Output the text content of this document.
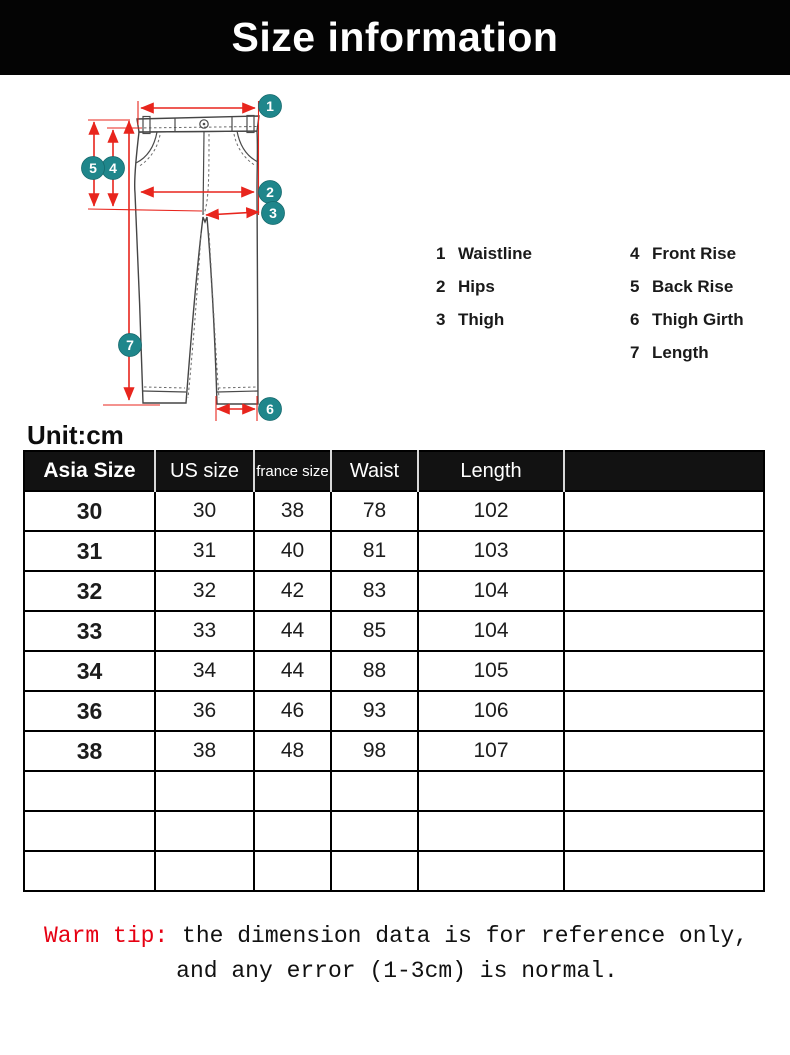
Size information
1
2
3
4
5
6
7
1 Waistline
2 Hips
3 Thigh
4 Front Rise
5 Back Rise
6 Thigh Girth
7 Length
Unit:cm
Asia Size	US size	france size	Waist	Length	
30	30	38	78	102	
31	31	40	81	103	
32	32	42	83	104	
33	33	44	85	104	
34	34	44	88	105	
36	36	46	93	106	
38	38	48	98	107	

Warm tip: the dimension data is for reference only,

and any error (1-3cm) is normal.
